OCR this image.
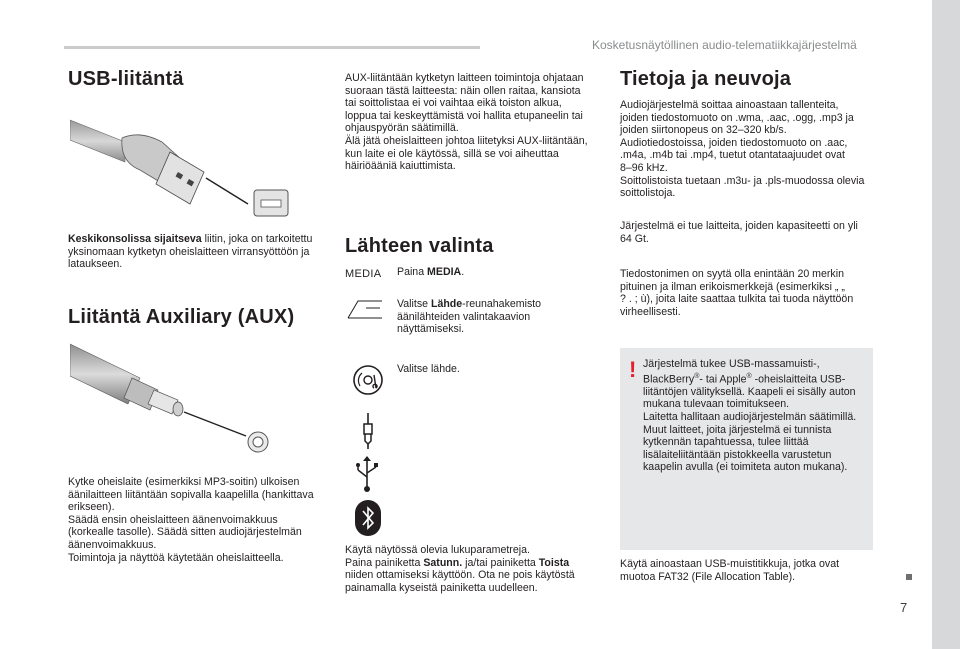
Kosketusnäytöllinen audio-telematiikkajärjestelmä
7
USB-liitäntä

Keskikonsolissa sijaitseva liitin, joka on tarkoitettu
yksinomaan kytketyn oheislaitteen virransyöttöön ja
lataukseen.

Liitäntä Auxiliary (AUX)

Kytke oheislaite (esimerkiksi MP3-soitin) ulkoisen
äänilaitteen liitäntään sopivalla kaapelilla (hankittava
erikseen).
Säädä ensin oheislaitteen äänenvoimakkuus
(korkealle tasolle). Säädä sitten audiojärjestelmän
äänenvoimakkuus.
Toimintoja ja näyttöä käytetään oheislaitteella.

AUX-liitäntään kytketyn laitteen toimintoja ohjataan
suoraan tästä laitteesta: näin ollen raitaa, kansiota
tai soittolistaa ei voi vaihtaa eikä toiston alkua,
loppua tai keskeyttämistä voi hallita etupaneelin tai
ohjauspyörän säätimillä.
Älä jätä oheislaitteen johtoa liitetyksi AUX-liitäntään,
kun laite ei ole käytössä, sillä se voi aiheuttaa
häiriöääniä kaiuttimista.

Lähteen valinta
MEDIA Paina MEDIA.

Valitse Lähde-reunahakemisto
äänilähteiden valintakaavion
näyttämiseksi.

Valitse lähde.

Käytä näytössä olevia lukuparametreja.
Paina painiketta Satunn. ja/tai painiketta Toista
niiden ottamiseksi käyttöön. Ota ne pois käytöstä
painamalla kyseistä painiketta uudelleen.

Tietoja ja neuvoja

Audiojärjestelmä soittaa ainoastaan tallenteita,
joiden tiedostomuoto on .wma, .aac, .ogg, .mp3 ja
joiden siirtonopeus on 32–320 kb/s.
Audiotiedostoissa, joiden tiedostomuoto on .aac,
.m4a, .m4b tai .mp4, tuetut otantataajuudet ovat
8–96 kHz.
Soittolistoista tuetaan .m3u- ja .pls-muodossa olevia
soittolistoja.

Järjestelmä ei tue laitteita, joiden kapasiteetti on yli
64 Gt.

Tiedostonimen on syytä olla enintään 20 merkin
pituinen ja ilman erikoismerkkejä (esimerkiksi „ „
? . ; ù), joita laite saattaa tulkita tai tuoda näyttöön
virheellisesti.

! Järjestelmä tukee USB-massamuisti-,
BlackBerry®- tai Apple® -oheislaitteita USB-
liitäntöjen välityksellä. Kaapeli ei sisälly auton
mukana tulevaan toimitukseen.
Laitetta hallitaan audiojärjestelmän säätimillä.
Muut laitteet, joita järjestelmä ei tunnista
kytkennän tapahtuessa, tulee liittää
lisälaiteliitäntään pistokkeella varustetun
kaapelin avulla (ei toimiteta auton mukana).

Käytä ainoastaan USB-muistitikkuja, jotka ovat
muotoa FAT32 (File Allocation Table).
